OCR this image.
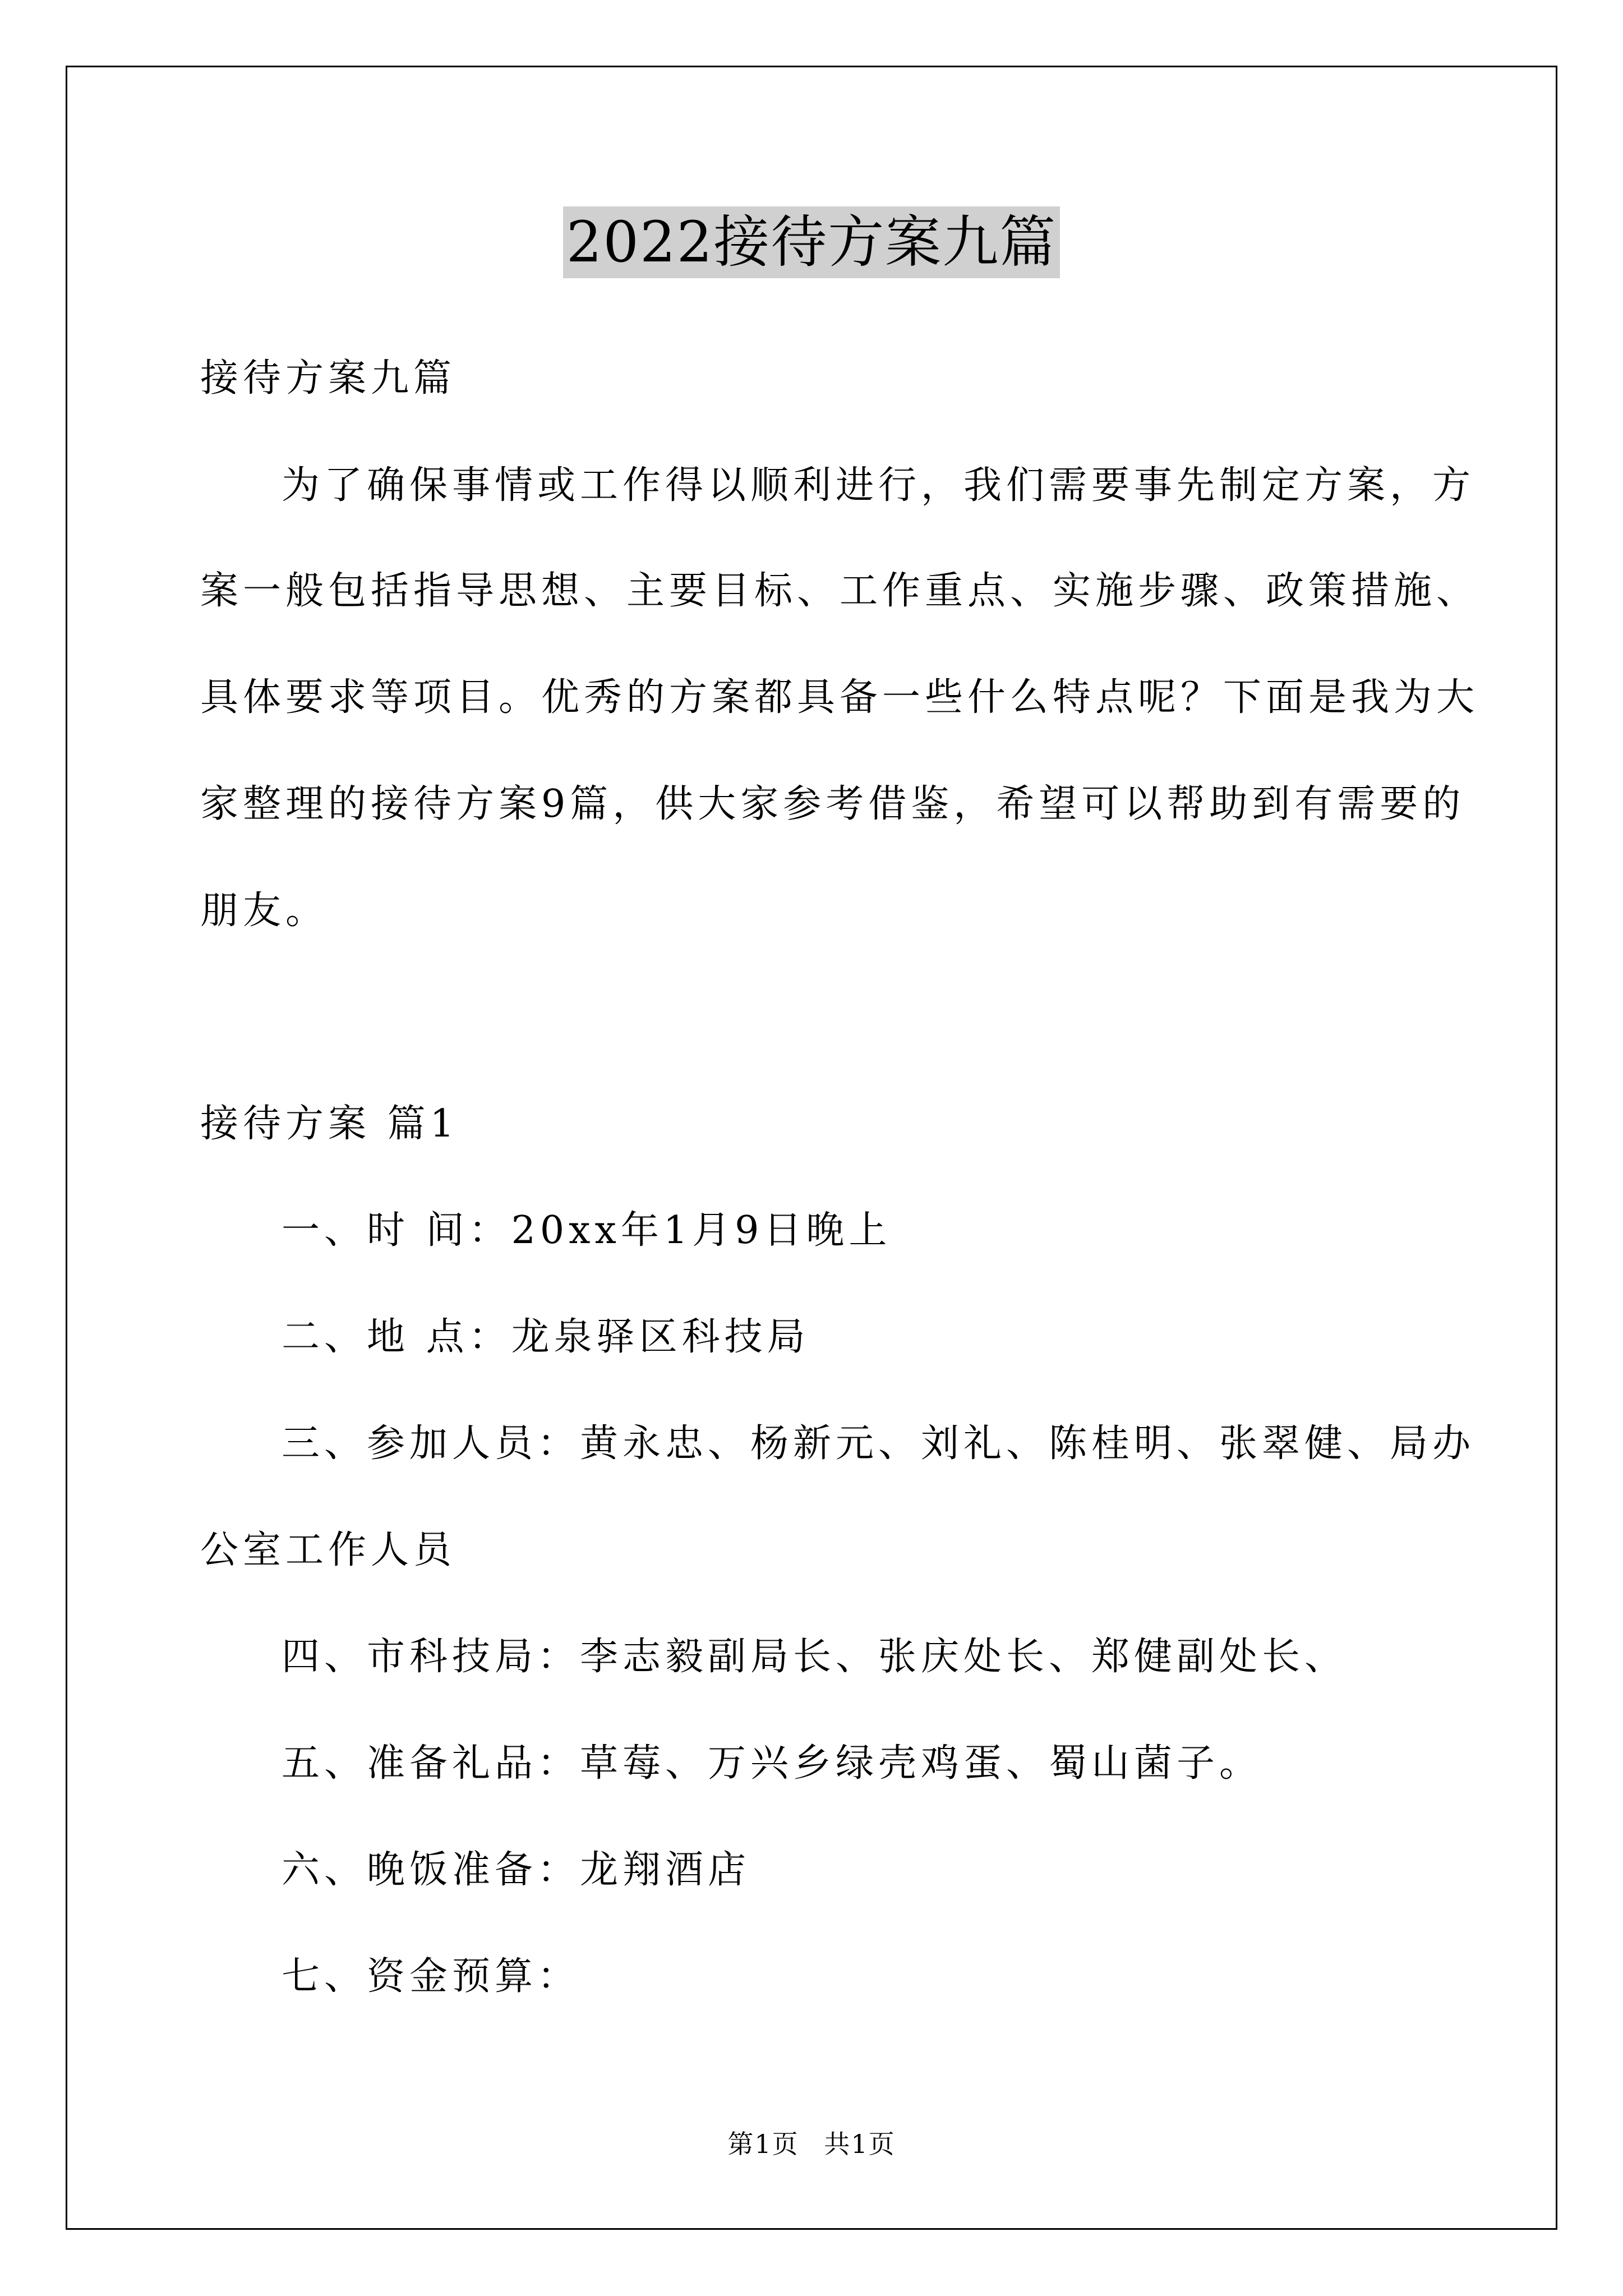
2022接待方案九篇
接待方案九篇
为了确保事情或工作得以顺利进行，我们需要事先制定方案，方
案一般包括指导思想、主要目标、工作重点、实施步骤、政策措施、
具体要求等项目。优秀的方案都具备一些什么特点呢？下面是我为大
家整理的接待方案9篇，供大家参考借鉴，希望可以帮助到有需要的
朋友。
接待方案 篇1
一、时 间：20xx年1月9日晚上
二、地 点：龙泉驿区科技局
三、参加人员：黄永忠、杨新元、刘礼、陈桂明、张翠健、局办
公室工作人员
四、市科技局：李志毅副局长、张庆处长、郑健副处长、
五、准备礼品：草莓、万兴乡绿壳鸡蛋、蜀山菌子。
六、晚饭准备：龙翔酒店
七、资金预算：
第1页 共1页
